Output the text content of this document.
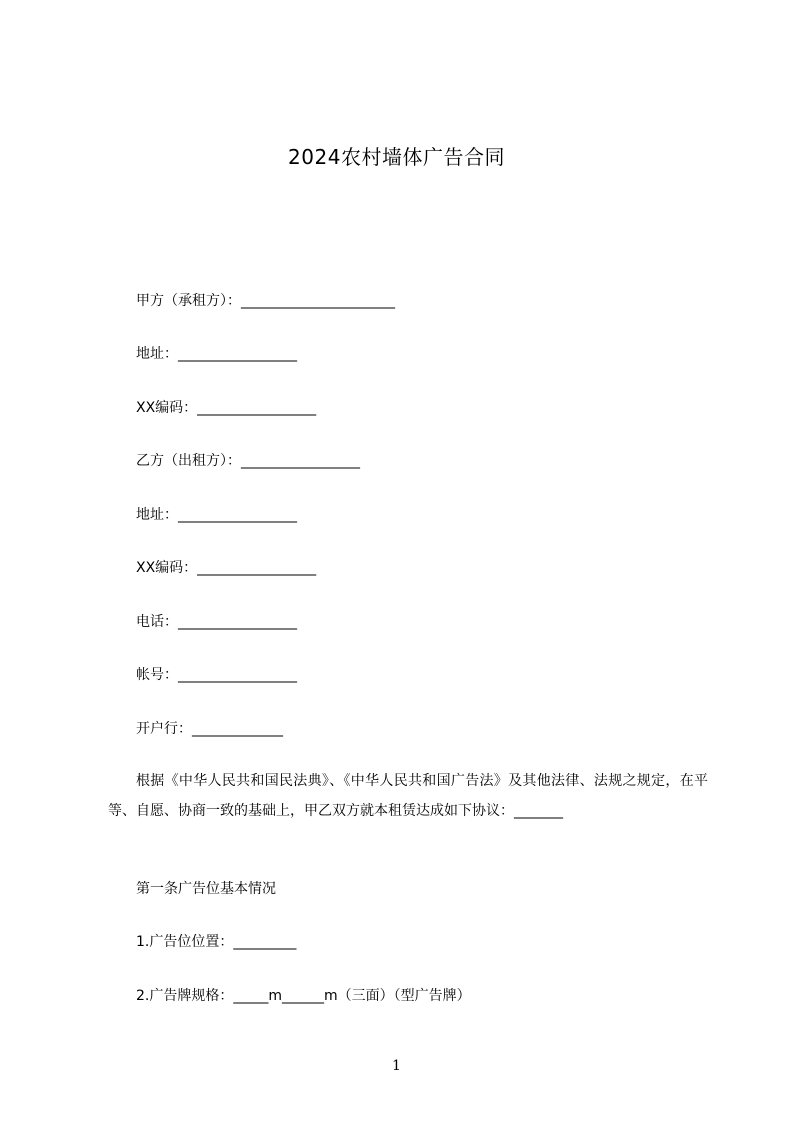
2024农村墙体广告合同
甲方（承租方）：______________________
地址：_________________
XX编码：_________________
乙方（出租方）：_________________
地址：_________________
XX编码：_________________
电话：_________________
帐号：_________________
开户行：_____________
根据《中华人民共和国民法典》、《中华人民共和国广告法》及其他法律、法规之规定，在平等、自愿、协商一致的基础上，甲乙双方就本租赁达成如下协议：_______
第一条广告位基本情况
1.广告位位置：_________
2.广告牌规格：_____m______m（三面）（型广告牌）
1
